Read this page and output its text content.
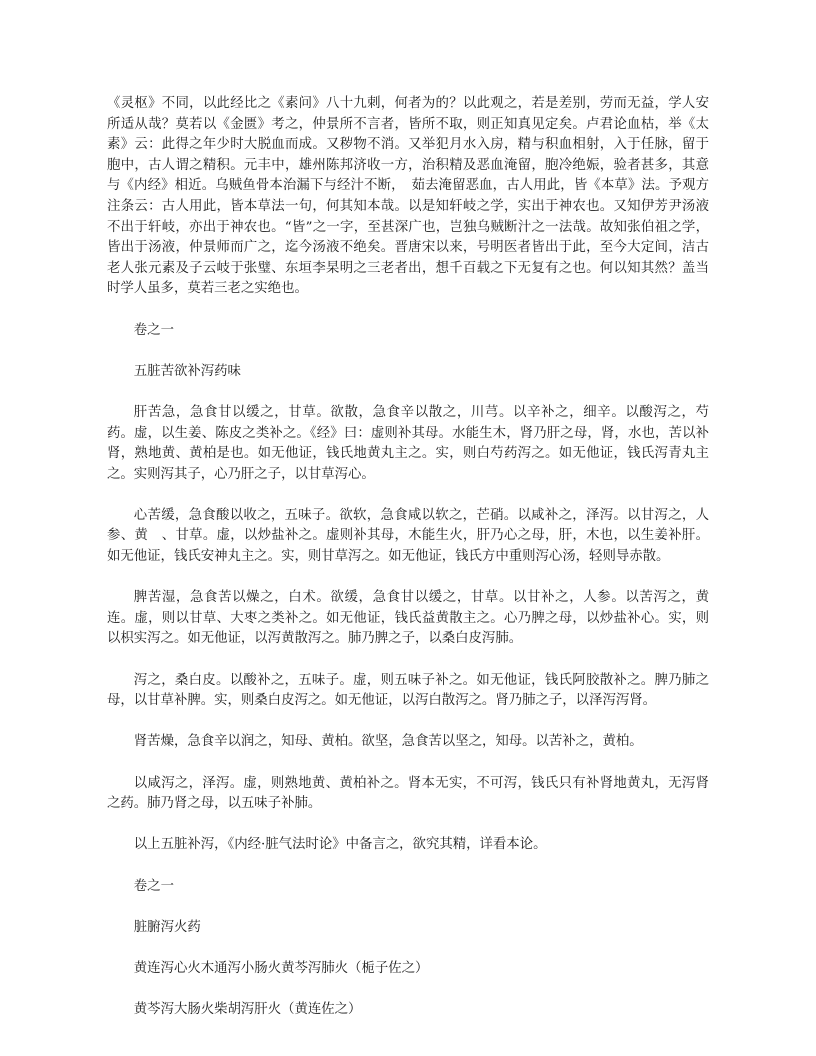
《灵枢》不同，以此经比之《素问》八十九刺，何者为的？以此观之，若是差别，劳而无益，学人安所适从哉？莫若以《金匮》考之，仲景所不言者，皆所不取，则正知真见定矣。卢君论血枯，举《太素》云：此得之年少时大脱血而成。又秽物不消。又举犯月水入房，精与积血相射，入于任脉，留于胞中，古人谓之精积。元丰中，雄州陈邦济收一方，治积精及恶血淹留，胞冷绝娠，验者甚多，其意与《内经》相近。乌贼鱼骨本治漏下与经汁不断，　茹去淹留恶血，古人用此，皆《本草》法。予观方注条云：古人用此，皆本草法一句，何其知本哉。以是知轩岐之学，实出于神农也。又知伊芳尹汤液不出于轩岐，亦出于神农也。“皆”之一字，至甚深广也，岂独乌贼断汁之一法哉。故知张伯祖之学，皆出于汤液，仲景师而广之，迄今汤液不绝矣。晋唐宋以来，号明医者皆出于此，至今大定间，洁古老人张元素及子云岐于张璧、东垣李杲明之三老者出，想千百载之下无复有之也。何以知其然？盖当时学人虽多，莫若三老之实绝也。

卷之一

五脏苦欲补泻药味

肝苦急，急食甘以缓之，甘草。欲散，急食辛以散之，川芎。以辛补之，细辛。以酸泻之，芍药。虚，以生姜、陈皮之类补之。《经》曰：虚则补其母。水能生木，肾乃肝之母，肾，水也，苦以补肾，熟地黄、黄柏是也。如无他证，钱氏地黄丸主之。实，则白芍药泻之。如无他证，钱氏泻青丸主之。实则泻其子，心乃肝之子，以甘草泻心。

心苦缓，急食酸以收之，五味子。欲软，急食咸以软之，芒硝。以咸补之，泽泻。以甘泻之，人参、黄　、甘草。虚，以炒盐补之。虚则补其母，木能生火，肝乃心之母，肝，木也，以生姜补肝。如无他证，钱氏安神丸主之。实，则甘草泻之。如无他证，钱氏方中重则泻心汤，轻则导赤散。

脾苦湿，急食苦以燥之，白术。欲缓，急食甘以缓之，甘草。以甘补之，人参。以苦泻之，黄连。虚，则以甘草、大枣之类补之。如无他证，钱氏益黄散主之。心乃脾之母，以炒盐补心。实，则以枳实泻之。如无他证，以泻黄散泻之。肺乃脾之子，以桑白皮泻肺。

泻之，桑白皮。以酸补之，五味子。虚，则五味子补之。如无他证，钱氏阿胶散补之。脾乃肺之母，以甘草补脾。实，则桑白皮泻之。如无他证，以泻白散泻之。肾乃肺之子，以泽泻泻肾。

肾苦燥，急食辛以润之，知母、黄柏。欲坚，急食苦以坚之，知母。以苦补之，黄柏。

以咸泻之，泽泻。虚，则熟地黄、黄柏补之。肾本无实，不可泻，钱氏只有补肾地黄丸，无泻肾之药。肺乃肾之母，以五味子补肺。

以上五脏补泻，《内经·脏气法时论》中备言之，欲究其精，详看本论。

卷之一

脏腑泻火药

黄连泻心火木通泻小肠火黄芩泻肺火（栀子佐之）

黄芩泻大肠火柴胡泻肝火（黄连佐之）
